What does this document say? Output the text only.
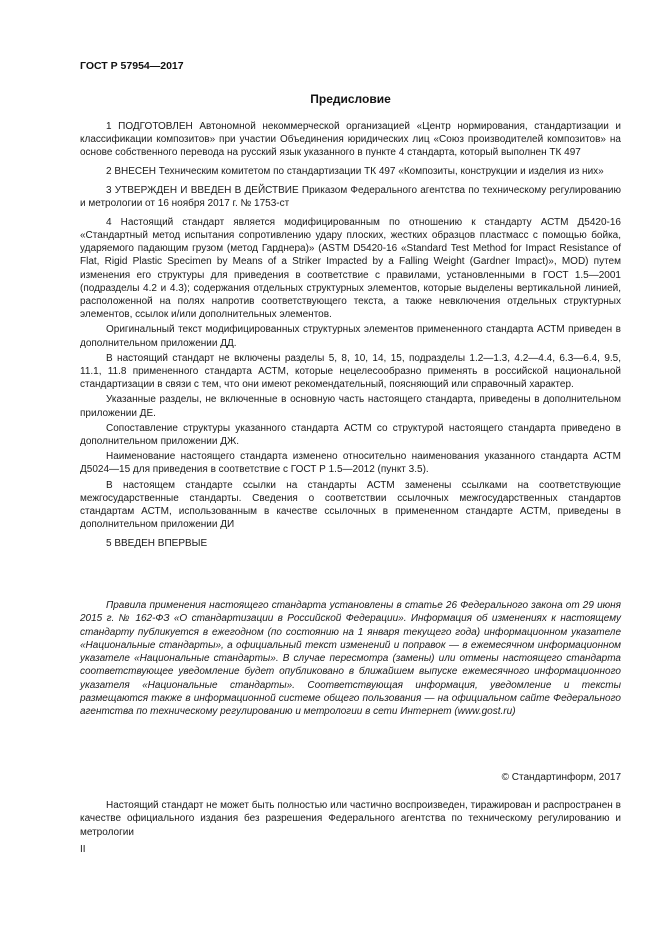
ГОСТ Р 57954—2017
Предисловие

1 ПОДГОТОВЛЕН Автономной некоммерческой организацией «Центр нормирования, стандартизации и классификации композитов» при участии Объединения юридических лиц «Союз производителей композитов» на основе собственного перевода на русский язык указанного в пункте 4 стандарта, который выполнен ТК 497

2 ВНЕСЕН Техническим комитетом по стандартизации ТК 497 «Композиты, конструкции и изделия из них»

3 УТВЕРЖДЕН И ВВЕДЕН В ДЕЙСТВИЕ Приказом Федерального агентства по техническому регулированию и метрологии от 16 ноября 2017 г. № 1753-ст

4 Настоящий стандарт является модифицированным по отношению к стандарту АСТМ Д5420-16 «Стандартный метод испытания сопротивлению удару плоских, жестких образцов пластмасс с помощью бойка, ударяемого падающим грузом (метод Гарднера)» (ASTM D5420-16 «Standard Test Method for Impact Resistance of Flat, Rigid Plastic Specimen by Means of a Striker Impacted by a Falling Weight (Gardner Impact)», MOD) путем изменения его структуры для приведения в соответствие с правилами, установленными в ГОСТ 1.5—2001 (подразделы 4.2 и 4.3); содержания отдельных структурных элементов, которые выделены вертикальной линией, расположенной на полях напротив соответствующего текста, а также невключения отдельных структурных элементов, ссылок и/или дополнительных элементов.

Оригинальный текст модифицированных структурных элементов примененного стандарта АСТМ приведен в дополнительном приложении ДД.

В настоящий стандарт не включены разделы 5, 8, 10, 14, 15, подразделы 1.2—1.3, 4.2—4.4, 6.3—6.4, 9.5, 11.1, 11.8 примененного стандарта АСТМ, которые нецелесообразно применять в российской национальной стандартизации в связи с тем, что они имеют рекомендательный, поясняющий или справочный характер.

Указанные разделы, не включенные в основную часть настоящего стандарта, приведены в дополнительном приложении ДЕ.

Сопоставление структуры указанного стандарта АСТМ со структурой настоящего стандарта приведено в дополнительном приложении ДЖ.

Наименование настоящего стандарта изменено относительно наименования указанного стандарта АСТМ Д5024—15 для приведения в соответствие с ГОСТ Р 1.5—2012 (пункт 3.5).

В настоящем стандарте ссылки на стандарты АСТМ заменены ссылками на соответствующие межгосударственные стандарты. Сведения о соответствии ссылочных межгосударственных стандартов стандартам АСТМ, использованным в качестве ссылочных в примененном стандарте АСТМ, приведены в дополнительном приложении ДИ

5 ВВЕДЕН ВПЕРВЫЕ

Правила применения настоящего стандарта установлены в статье 26 Федерального закона от 29 июня 2015 г. № 162-ФЗ «О стандартизации в Российской Федерации». Информация об изменениях к настоящему стандарту публикуется в ежегодном (по состоянию на 1 января текущего года) информационном указателе «Национальные стандарты», а официальный текст изменений и поправок — в ежемесячном информационном указателе «Национальные стандарты». В случае пересмотра (замены) или отмены настоящего стандарта соответствующее уведомление будет опубликовано в ближайшем выпуске ежемесячного информационного указателя «Национальные стандарты». Соответствующая информация, уведомление и тексты размещаются также в информационной системе общего пользования — на официальном сайте Федерального агентства по техническому регулированию и метрологии в сети Интернет (www.gost.ru)
© Стандартинформ, 2017
Настоящий стандарт не может быть полностью или частично воспроизведен, тиражирован и распространен в качестве официального издания без разрешения Федерального агентства по техническому регулированию и метрологии
II
